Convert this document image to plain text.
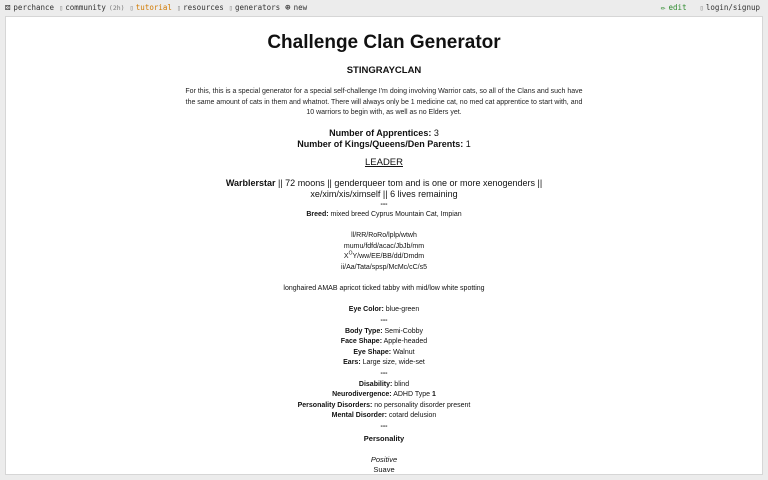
⚄ perchance ▯ community (2h) ▯ tutorial ▯ resources ▯ generators ⊕ new	✏ edit ▯ login/signup
Challenge Clan Generator
STINGRAYCLAN
For this, this is a special generator for a special self-challenge I'm doing involving Warrior cats, so all of the Clans and such have the same amount of cats in them and whatnot. There will always only be 1 medicine cat, no med cat apprentice to start with, and 10 warriors to begin with, as well as no Elders yet.
Number of Apprentices: 3
Number of Kings/Queens/Den Parents: 1
LEADER
Warblerstar || 72 moons || genderqueer tom and is one or more xenogenders ||
xe/xim/xis/ximself || 6 lives remaining
---
Breed: mixed breed Cyprus Mountain Cat, Impian
ll/RR/RoRo/lplp/wtwh
mumu/fdfd/acac/JbJb/mm
$X^OY/ww/EE/BB/dd$/Dmdm
ii/Aa/Tata/spsp/McMc/cC/s5
longhaired AMAB apricot ticked tabby with mid/low white spotting
Eye Color: blue-green
---
Body Type: Semi-Cobby
Face Shape: Apple-headed
Eye Shape: Walnut
Ears: Large size, wide-set
---
Disability: blind
Neurodivergence: ADHD Type 1
Personality Disorders: no personality disorder present
Mental Disorder: cotard delusion
---
Personality
Positive
Suave
